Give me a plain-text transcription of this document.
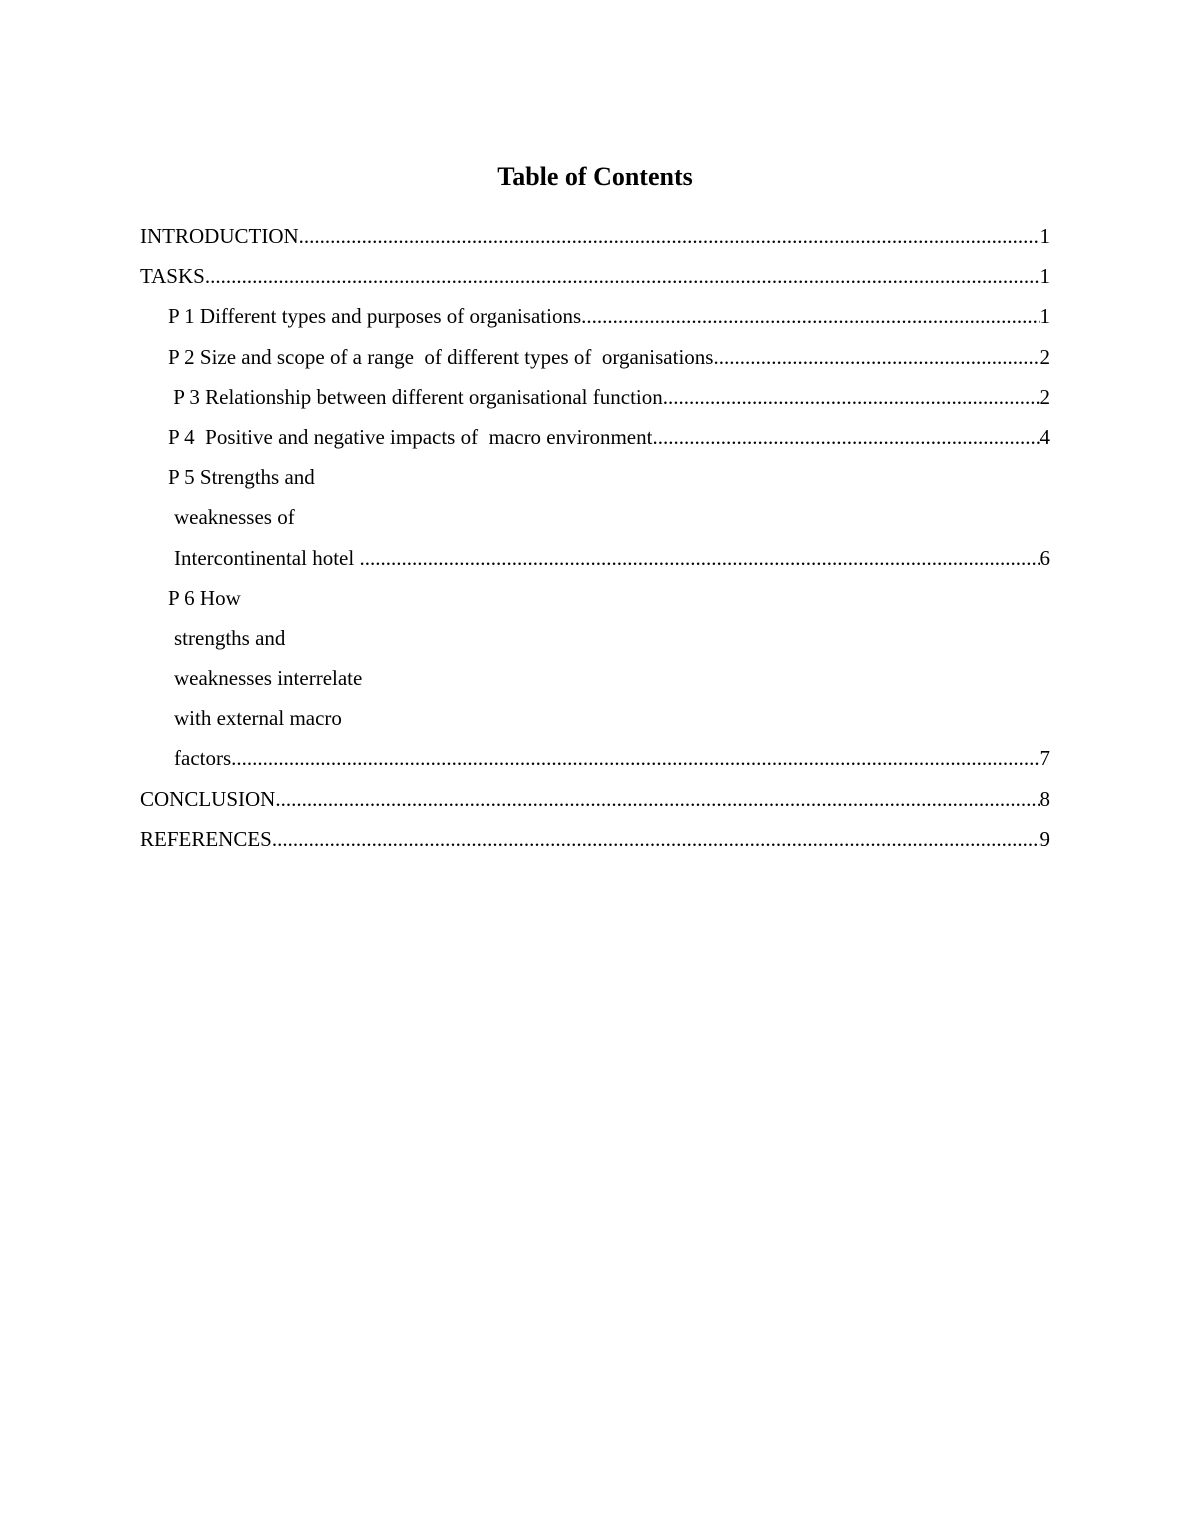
Table of Contents
INTRODUCTION .....	1
TASKS .....	1
P 1 Different types and purposes of organisations .....	1
P 2 Size and scope of a range  of different types of  organisations .....	2
P 3 Relationship between different organisational function .....	2
P 4  Positive and negative impacts of  macro environment .....	4
P 5 Strengths and
weaknesses of
Intercontinental hotel .....	6
P 6 How
strengths and
weaknesses interrelate
with external macro
factors .....	7
CONCLUSION .....	8
REFERENCES .....	9
